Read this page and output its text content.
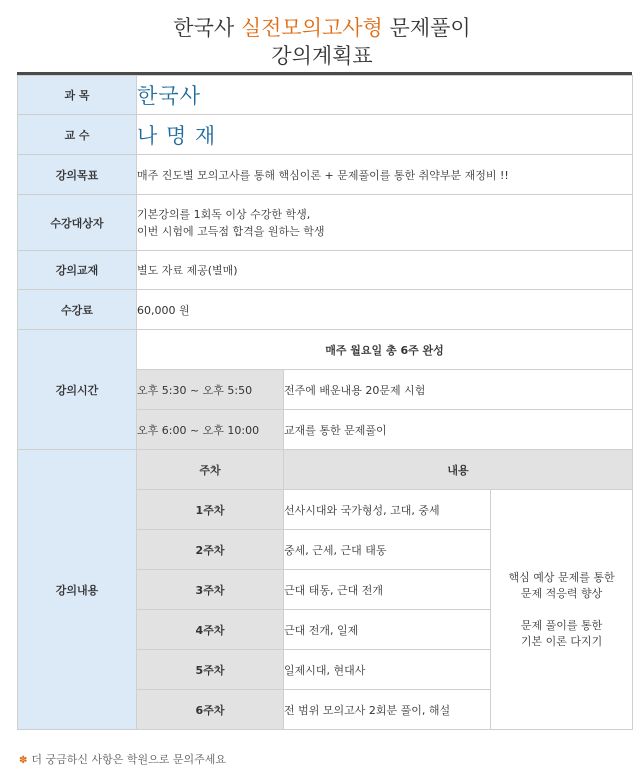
한국사 실전모의고사형 문제풀이
강의계획표
과 목	한국사		
교 수	나 명 재		
강의목표	매주 진도별 모의고사를 통해 핵심이론 + 문제풀이를 통한 취약부분 재정비 !!		
수강대상자	기본강의를 1회독 이상 수강한 학생,
이번 시험에 고득점 합격을 원하는 학생		

강의교재	별도 자료 제공(별매)		
수강료	60,000 원		
강의시간	매주 월요일 총 6주 완성		
	오후 5:30 ~ 오후 5:50	전주에 배운내용 20문제 시험	
	오후 6:00 ~ 오후 10:00	교재를 통한 문제풀이	
강의내용	주차	내용	
	1주차	선사시대와 국가형성, 고대, 중세	핵심 예상 문제를 통한
문제 적응력 향상
문제 풀이를 통한
기본 이론 다지기

	2주차	중세, 근세, 근대 태동	
	3주차	근대 태동, 근대 전개	
	4주차	근대 전개, 일제	
	5주차	일제시대, 현대사	
	6주차	전 범위 모의고사 2회분 풀이, 해설	
✽ 더 궁금하신 사항은 학원으로 문의주세요
